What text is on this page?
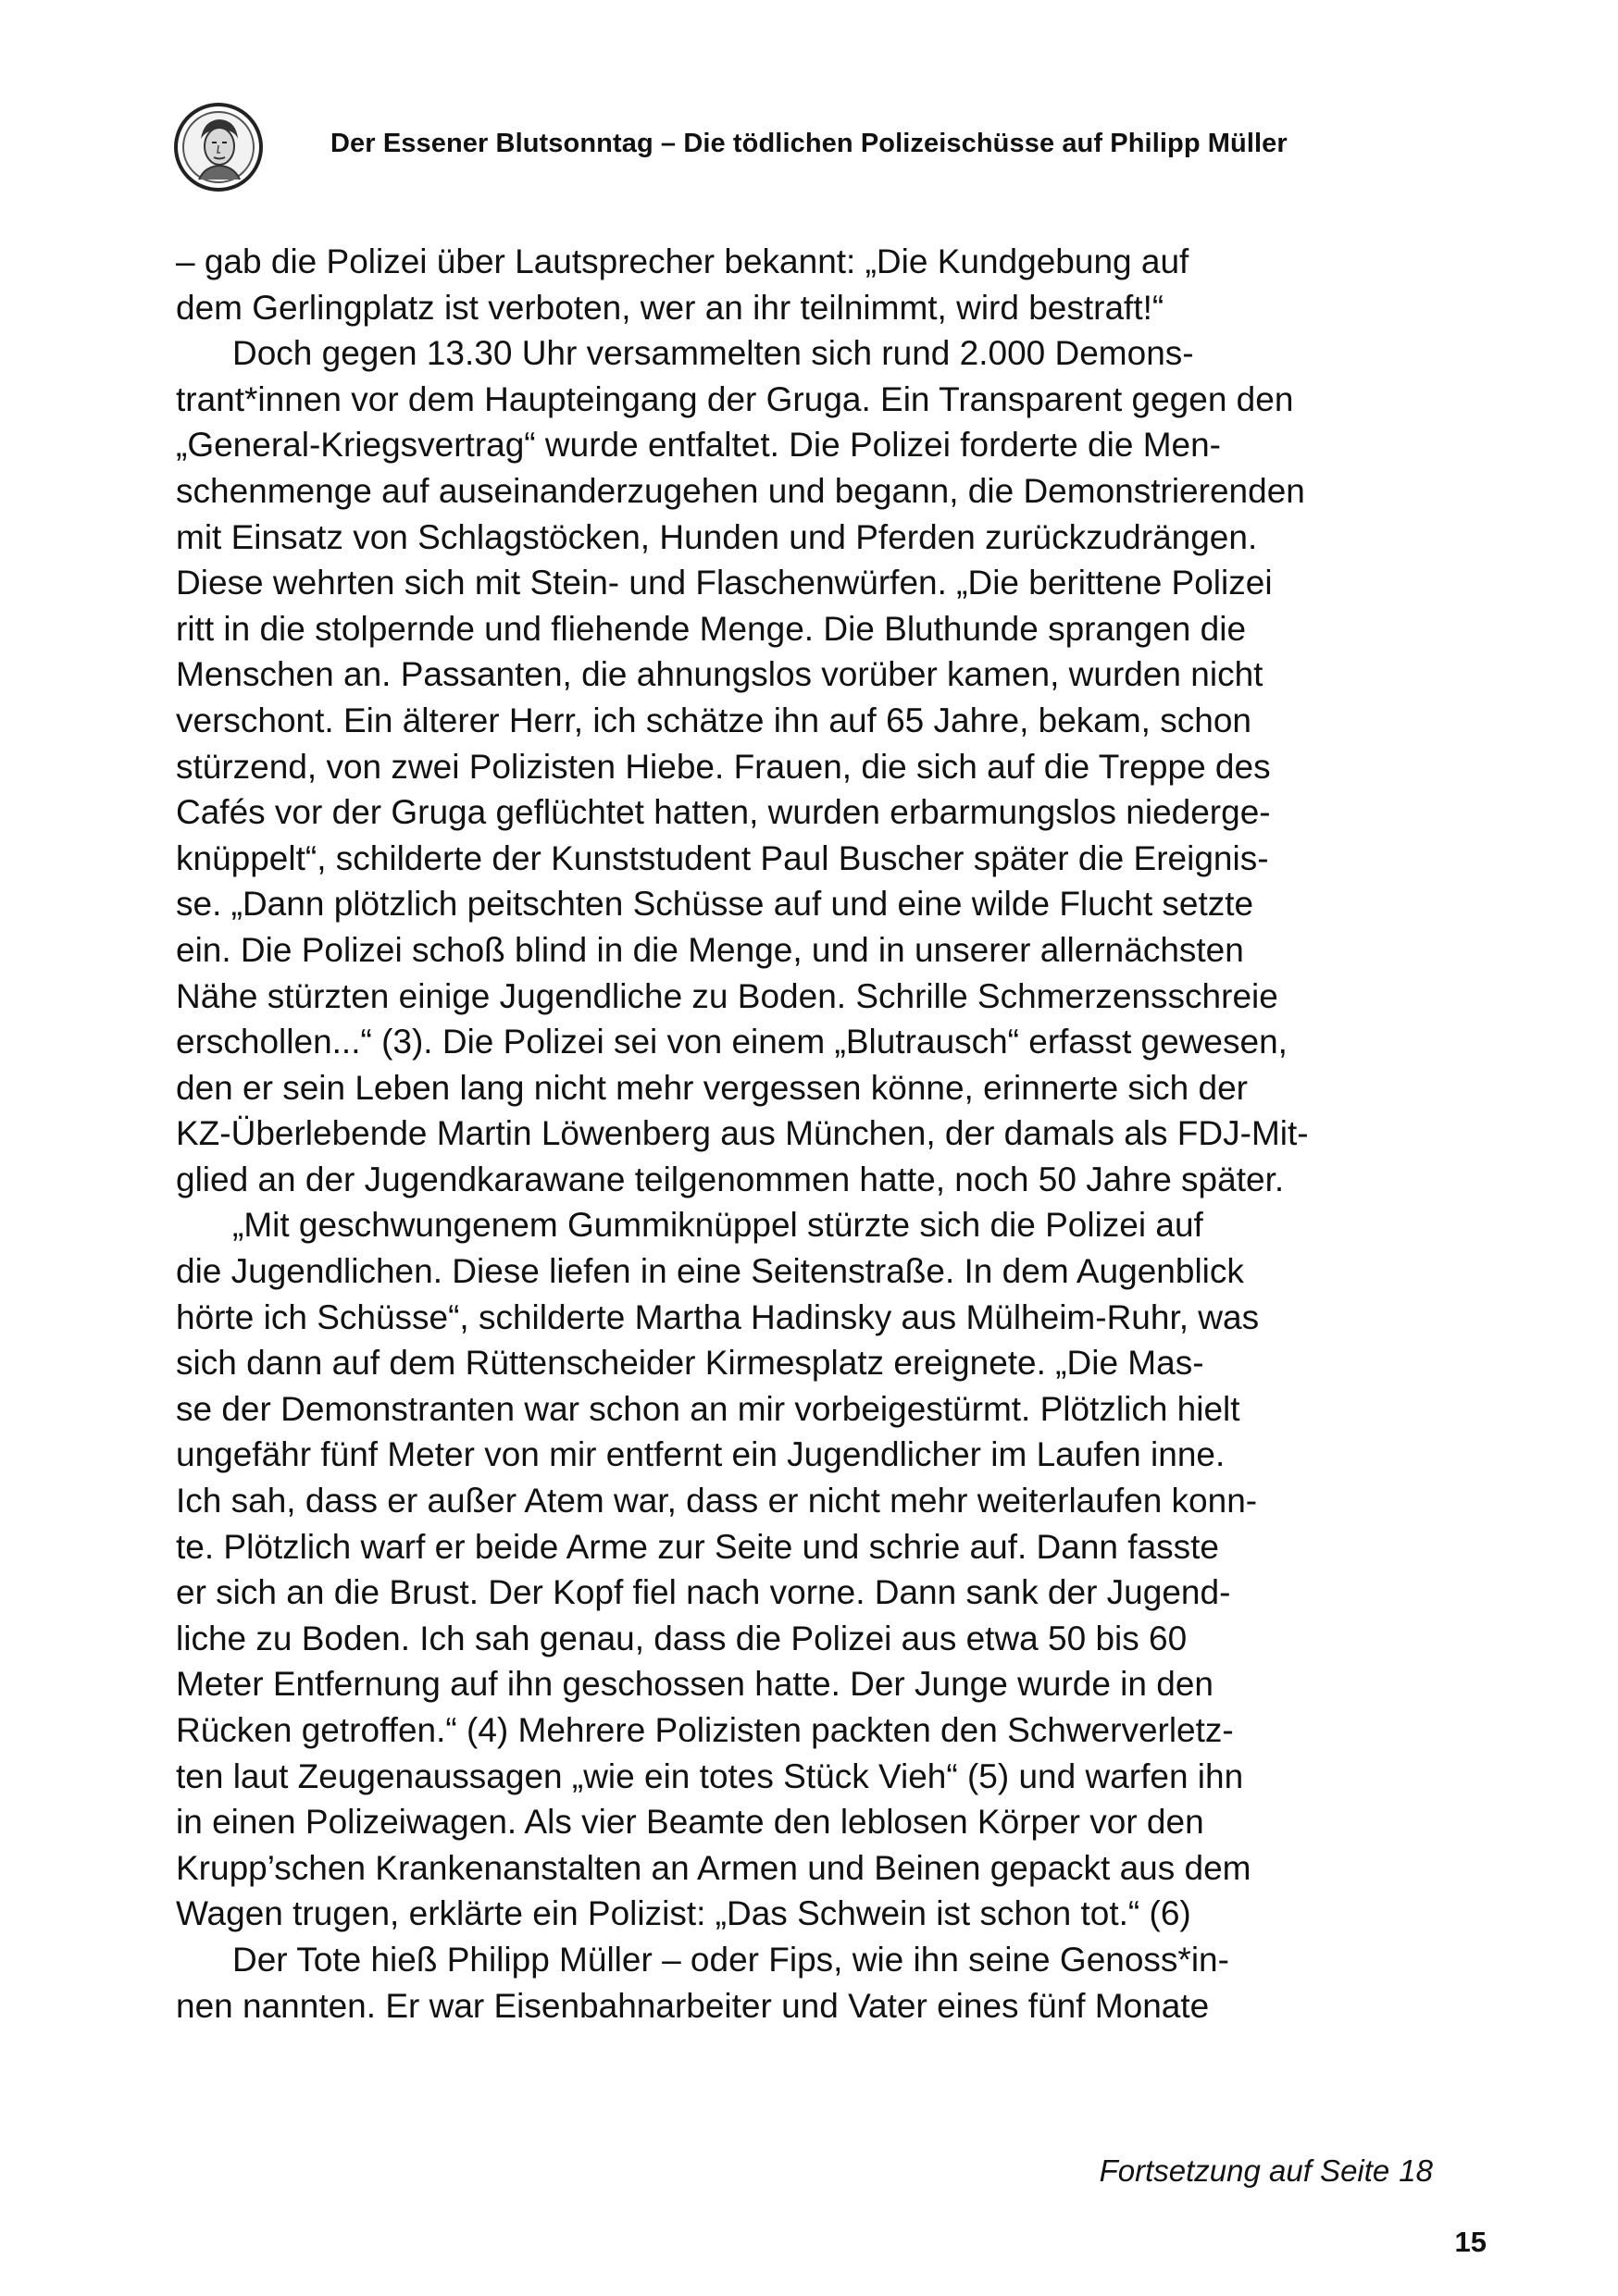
Der Essener Blutsonntag – Die tödlichen Polizeischüsse auf Philipp Müller
– gab die Polizei über Lautsprecher bekannt: „Die Kundgebung auf
dem Gerlingplatz ist verboten, wer an ihr teilnimmt, wird bestraft!“
Doch gegen 13.30 Uhr versammelten sich rund 2.000 Demons-
trant*innen vor dem Haupteingang der Gruga. Ein Transparent gegen den
„General-Kriegsvertrag“ wurde entfaltet. Die Polizei forderte die Men-
schenmenge auf auseinanderzugehen und begann, die Demonstrierenden
mit Einsatz von Schlagstöcken, Hunden und Pferden zurückzudrängen.
Diese wehrten sich mit Stein- und Flaschenwürfen. „Die berittene Polizei
ritt in die stolpernde und fliehende Menge. Die Bluthunde sprangen die
Menschen an. Passanten, die ahnungslos vorüber kamen, wurden nicht
verschont. Ein älterer Herr, ich schätze ihn auf 65 Jahre, bekam, schon
stürzend, von zwei Polizisten Hiebe. Frauen, die sich auf die Treppe des
Cafés vor der Gruga geflüchtet hatten, wurden erbarmungslos niederge-
knüppelt“, schilderte der Kunststudent Paul Buscher später die Ereignis-
se. „Dann plötzlich peitschten Schüsse auf und eine wilde Flucht setzte
ein. Die Polizei schoß blind in die Menge, und in unserer allernächsten
Nähe stürzten einige Jugendliche zu Boden. Schrille Schmerzensschreie
erschollen...“ (3). Die Polizei sei von einem „Blutrausch“ erfasst gewesen,
den er sein Leben lang nicht mehr vergessen könne, erinnerte sich der
KZ-Überlebende Martin Löwenberg aus München, der damals als FDJ-Mit-
glied an der Jugendkarawane teilgenommen hatte, noch 50 Jahre später.
„Mit geschwungenem Gummiknüppel stürzte sich die Polizei auf
die Jugendlichen. Diese liefen in eine Seitenstraße. In dem Augenblick
hörte ich Schüsse“, schilderte Martha Hadinsky aus Mülheim-Ruhr, was
sich dann auf dem Rüttenscheider Kirmesplatz ereignete. „Die Mas-
se der Demonstranten war schon an mir vorbeigestürmt. Plötzlich hielt
ungefähr fünf Meter von mir entfernt ein Jugendlicher im Laufen inne.
Ich sah, dass er außer Atem war, dass er nicht mehr weiterlaufen konn-
te. Plötzlich warf er beide Arme zur Seite und schrie auf. Dann fasste
er sich an die Brust. Der Kopf fiel nach vorne. Dann sank der Jugend-
liche zu Boden. Ich sah genau, dass die Polizei aus etwa 50 bis 60
Meter Entfernung auf ihn geschossen hatte. Der Junge wurde in den
Rücken getroffen.“ (4) Mehrere Polizisten packten den Schwerverletz-
ten laut Zeugenaussagen „wie ein totes Stück Vieh“ (5) und warfen ihn
in einen Polizeiwagen. Als vier Beamte den leblosen Körper vor den
Krupp’schen Krankenanstalten an Armen und Beinen gepackt aus dem
Wagen trugen, erklärte ein Polizist: „Das Schwein ist schon tot.“ (6)
Der Tote hieß Philipp Müller – oder Fips, wie ihn seine Genoss*in-
nen nannten. Er war Eisenbahnarbeiter und Vater eines fünf Monate
Fortsetzung auf Seite 18
15
